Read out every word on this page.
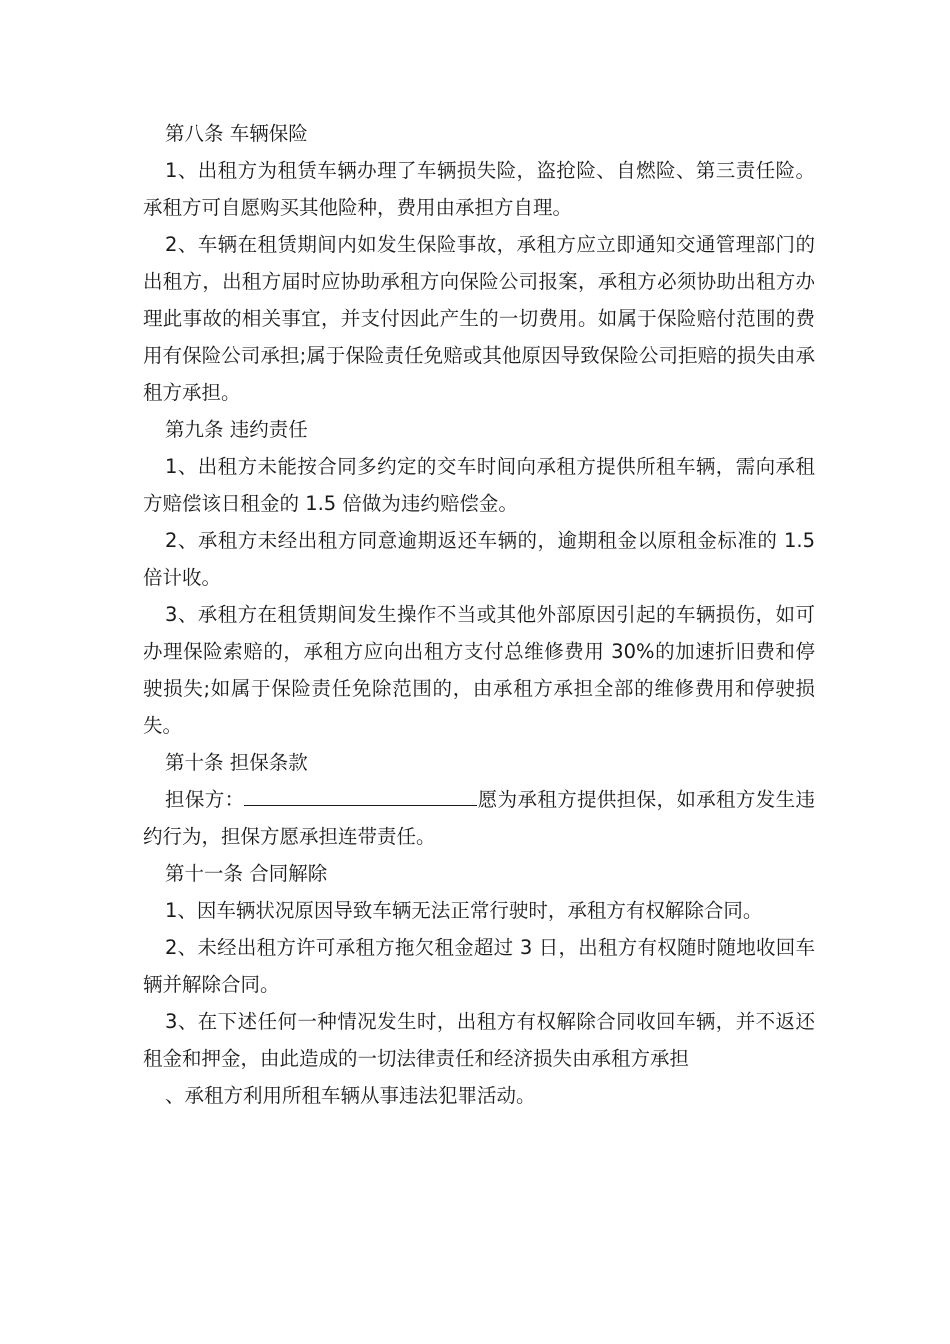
第八条 车辆保险

1、出租方为租赁车辆办理了车辆损失险，盗抢险、自燃险、第三责任险。承租方可自愿购买其他险种，费用由承担方自理。

2、车辆在租赁期间内如发生保险事故，承租方应立即通知交通管理部门的出租方，出租方届时应协助承租方向保险公司报案，承租方必须协助出租方办理此事故的相关事宜，并支付因此产生的一切费用。如属于保险赔付范围的费用有保险公司承担;属于保险责任免赔或其他原因导致保险公司拒赔的损失由承租方承担。

第九条 违约责任

1、出租方未能按合同多约定的交车时间向承租方提供所租车辆，需向承租方赔偿该日租金的 1.5 倍做为违约赔偿金。

2、承租方未经出租方同意逾期返还车辆的，逾期租金以原租金标准的 1.5 倍计收。

3、承租方在租赁期间发生操作不当或其他外部原因引起的车辆损伤，如可办理保险索赔的，承租方应向出租方支付总维修费用 30%的加速折旧费和停驶损失;如属于保险责任免除范围的，由承租方承担全部的维修费用和停驶损失。

第十条 担保条款

担保方：	愿为承租方提供担保，如承租方发生违约行为，担保方愿承担连带责任。

第十一条 合同解除

1、因车辆状况原因导致车辆无法正常行驶时，承租方有权解除合同。

2、未经出租方许可承租方拖欠租金超过 3 日，出租方有权随时随地收回车辆并解除合同。

3、在下述任何一种情况发生时，出租方有权解除合同收回车辆，并不返还租金和押金，由此造成的一切法律责任和经济损失由承租方承担

、承租方利用所租车辆从事违法犯罪活动。
